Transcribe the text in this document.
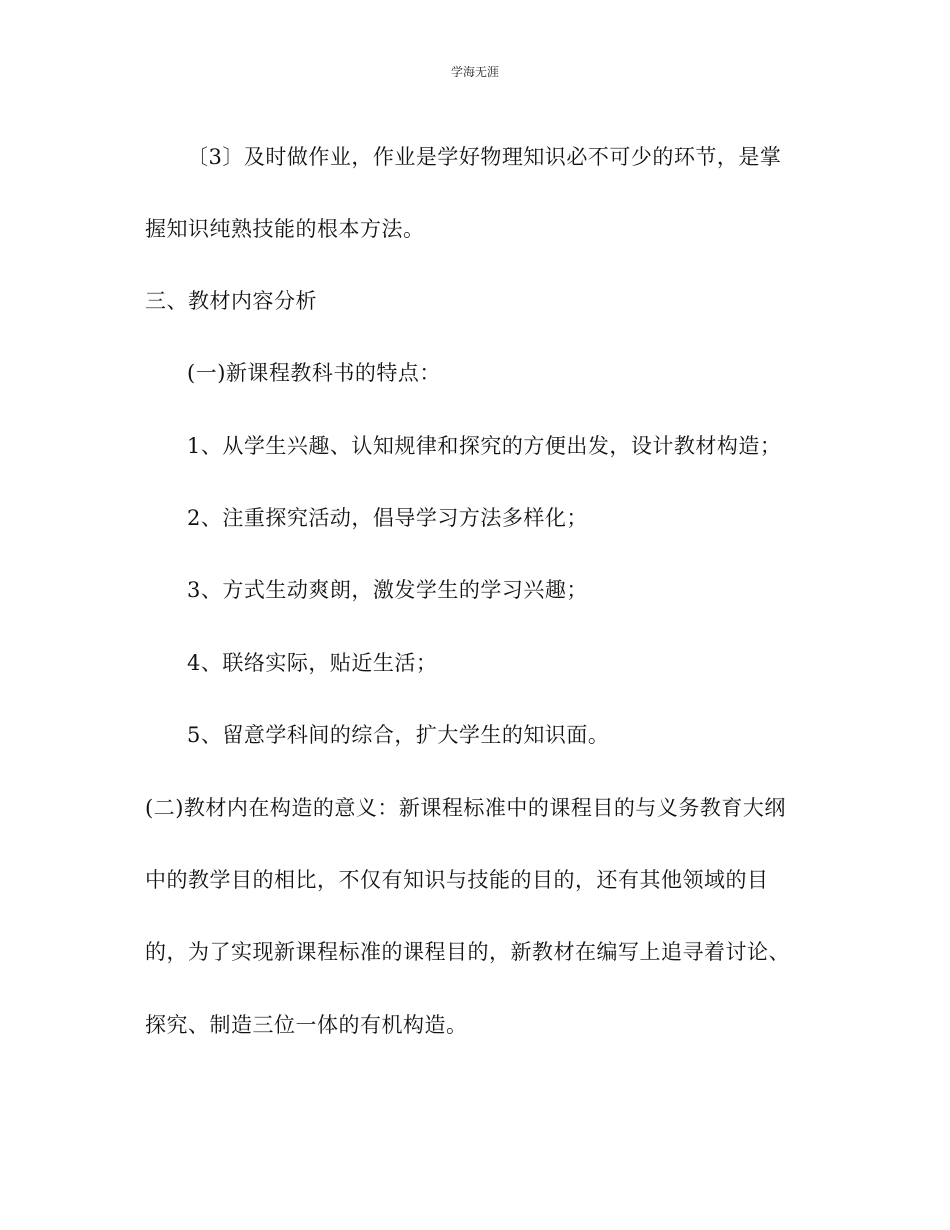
学海无涯
〔3〕及时做作业，作业是学好物理知识必不可少的环节，是掌
握知识纯熟技能的根本方法。
三、教材内容分析
(一)新课程教科书的特点：
1、从学生兴趣、认知规律和探究的方便出发，设计教材构造；
2、注重探究活动，倡导学习方法多样化；
3、方式生动爽朗，激发学生的学习兴趣；
4、联络实际，贴近生活；
5、留意学科间的综合，扩大学生的知识面。
(二)教材内在构造的意义：新课程标准中的课程目的与义务教育大纲
中的教学目的相比，不仅有知识与技能的目的，还有其他领域的目
的，为了实现新课程标准的课程目的，新教材在编写上追寻着讨论、
探究、制造三位一体的有机构造。
